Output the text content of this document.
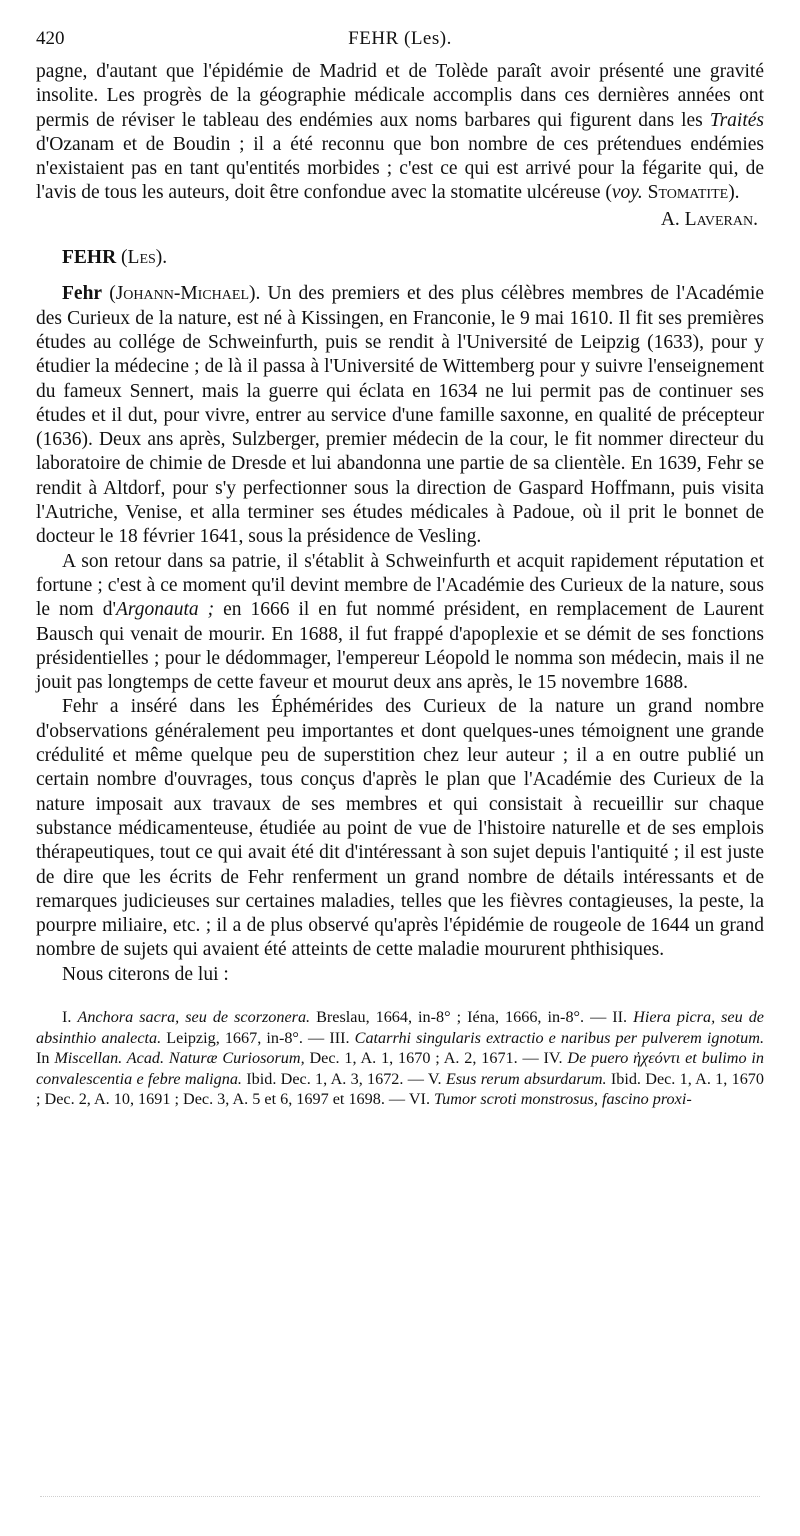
420	FEHR (Les).

pagne, d'autant que l'épidémie de Madrid et de Tolède paraît avoir présenté une gravité insolite. Les progrès de la géographie médicale accomplis dans ces dernières années ont permis de réviser le tableau des endémies aux noms barbares qui figurent dans les Traités d'Ozanam et de Boudin ; il a été reconnu que bon nombre de ces prétendues endémies n'existaient pas en tant qu'entités morbides ; c'est ce qui est arrivé pour la fégarite qui, de l'avis de tous les auteurs, doit être confondue avec la stomatite ulcéreuse (voy. Stomatite).

A. Laveran.

FEHR (Les).

Fehr (Johann-Michael). Un des premiers et des plus célèbres membres de l'Académie des Curieux de la nature, est né à Kissingen, en Franconie, le 9 mai 1610. Il fit ses premières études au collége de Schweinfurth, puis se rendit à l'Université de Leipzig (1633), pour y étudier la médecine ; de là il passa à l'Université de Wittemberg pour y suivre l'enseignement du fameux Sennert, mais la guerre qui éclata en 1634 ne lui permit pas de continuer ses études et il dut, pour vivre, entrer au service d'une famille saxonne, en qualité de précepteur (1636). Deux ans après, Sulzberger, premier médecin de la cour, le fit nommer directeur du laboratoire de chimie de Dresde et lui abandonna une partie de sa clientèle. En 1639, Fehr se rendit à Altdorf, pour s'y perfectionner sous la direction de Gaspard Hoffmann, puis visita l'Autriche, Venise, et alla terminer ses études médicales à Padoue, où il prit le bonnet de docteur le 18 février 1641, sous la présidence de Vesling.

A son retour dans sa patrie, il s'établit à Schweinfurth et acquit rapidement réputation et fortune ; c'est à ce moment qu'il devint membre de l'Académie des Curieux de la nature, sous le nom d'Argonauta ; en 1666 il en fut nommé président, en remplacement de Laurent Bausch qui venait de mourir. En 1688, il fut frappé d'apoplexie et se démit de ses fonctions présidentielles ; pour le dédommager, l'empereur Léopold le nomma son médecin, mais il ne jouit pas longtemps de cette faveur et mourut deux ans après, le 15 novembre 1688.

Fehr a inséré dans les Éphémérides des Curieux de la nature un grand nombre d'observations généralement peu importantes et dont quelques-unes témoignent une grande crédulité et même quelque peu de superstition chez leur auteur ; il a en outre publié un certain nombre d'ouvrages, tous conçus d'après le plan que l'Académie des Curieux de la nature imposait aux travaux de ses membres et qui consistait à recueillir sur chaque substance médicamenteuse, étudiée au point de vue de l'histoire naturelle et de ses emplois thérapeutiques, tout ce qui avait été dit d'intéressant à son sujet depuis l'antiquité ; il est juste de dire que les écrits de Fehr renferment un grand nombre de détails intéressants et de remarques judicieuses sur certaines maladies, telles que les fièvres contagieuses, la peste, la pourpre miliaire, etc. ; il a de plus observé qu'après l'épidémie de rougeole de 1644 un grand nombre de sujets qui avaient été atteints de cette maladie moururent phthisiques.

Nous citerons de lui :

I. Anchora sacra, seu de scorzonera. Breslau, 1664, in-8° ; Iéna, 1666, in-8°. — II. Hiera picra, seu de absinthio analecta. Leipzig, 1667, in-8°. — III. Catarrhi singularis extractio e naribus per pulverem ignotum. In Miscellan. Acad. Naturæ Curiosorum, Dec. 1, A. 1, 1670 ; A. 2, 1671. — IV. De puero ἠχεόντι et bulimo in convalescentia e febre maligna. Ibid. Dec. 1, A. 3, 1672. — V. Esus rerum absurdarum. Ibid. Dec. 1, A. 1, 1670 ; Dec. 2, A. 10, 1691 ; Dec. 3, A. 5 et 6, 1697 et 1698. — VI. Tumor scroti monstrosus, fascino proxi-
